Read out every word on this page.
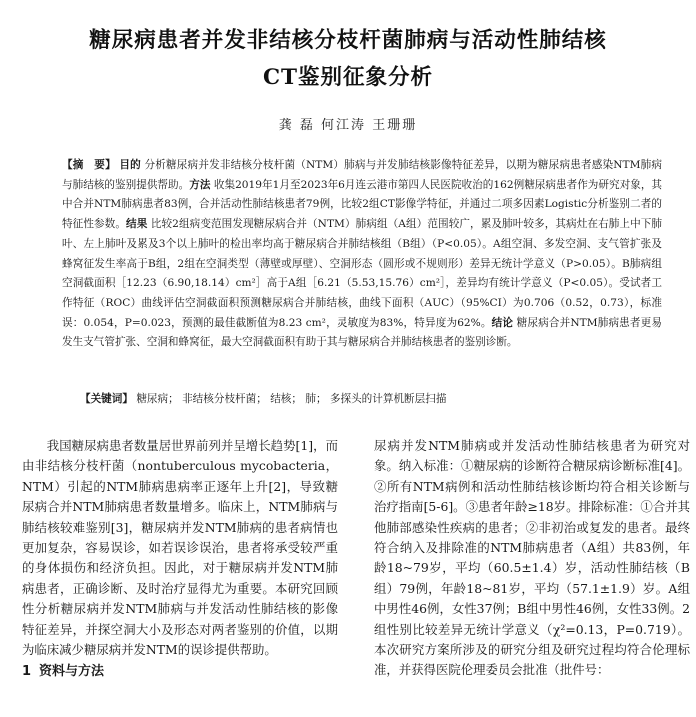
糖尿病患者并发非结核分枝杆菌肺病与活动性肺结核
CT鉴别征象分析
龚 磊 何江涛 王珊珊

【摘　要】 目的 分析糖尿病并发非结核分枝杆菌（NTM）肺病与并发肺结核影像特征差异，以期为糖尿病患者感染NTM肺病与肺结核的鉴别提供帮助。方法 收集2019年1月至2023年6月连云港市第四人民医院收治的162例糖尿病患者作为研究对象，其中合并NTM肺病患者83例，合并活动性肺结核患者79例，比较2组CT影像学特征，并通过二项多因素Logistic分析鉴别二者的特征性参数。结果 比较2组病变范围发现糖尿病合并（NTM）肺病组（A组）范围较广，累及肺叶较多，其病灶在右肺上中下肺叶、左上肺叶及累及3个以上肺叶的检出率均高于糖尿病合并肺结核组（B组）（P<0.05）。A组空洞、多发空洞、支气管扩张及蜂窝征发生率高于B组，2组在空洞类型（薄壁或厚壁）、空洞形态（圆形或不规则形）差异无统计学意义（P>0.05）。B肺病组空洞截面积［12.23（6.90,18.14）cm²］高于A组［6.21（5.53,15.76）cm²］，差异均有统计学意义（P<0.05）。受试者工作特征（ROC）曲线评估空洞截面积预测糖尿病合并肺结核，曲线下面积（AUC）（95%CI）为0.706（0.52，0.73），标准误：0.054，P=0.023，预测的最佳截断值为8.23 cm²，灵敏度为83%，特异度为62%。结论 糖尿病合并NTM肺病患者更易发生支气管扩张、空洞和蜂窝征，最大空洞截面积有助于其与糖尿病合并肺结核患者的鉴别诊断。

【关键词】 糖尿病； 非结核分枝杆菌； 结核； 肺； 多探头的计算机断层扫描

我国糖尿病患者数量居世界前列并呈增长趋势[1]，而由非结核分枝杆菌（nontuberculous mycobacteria，NTM）引起的NTM肺病患病率正逐年上升[2]，导致糖尿病合并NTM肺病患者数量增多。临床上，NTM肺病与肺结核较难鉴别[3]，糖尿病并发NTM肺病的患者病情也更加复杂，容易误诊，如若误诊误治，患者将承受较严重的身体损伤和经济负担。因此，对于糖尿病并发NTM肺病患者，正确诊断、及时治疗显得尤为重要。本研究回顾性分析糖尿病并发NTM肺病与并发活动性肺结核的影像特征差异，并探空洞大小及形态对两者鉴别的价值，以期为临床减少糖尿病并发NTM的误诊提供帮助。

1 资料与方法

尿病并发NTM肺病或并发活动性肺结核患者为研究对象。纳入标准：①糖尿病的诊断符合糖尿病诊断标准[4]。②所有NTM病例和活动性肺结核诊断均符合相关诊断与治疗指南[5-6]。③患者年龄≥18岁。排除标准：①合并其他肺部感染性疾病的患者；②非初治或复发的患者。最终符合纳入及排除准的NTM肺病患者（A组）共83例，年龄18~79岁，平均（60.5±1.4）岁，活动性肺结核（B组）79例，年龄18~81岁，平均（57.1±1.9）岁。A组中男性46例，女性37例；B组中男性46例，女性33例。2组性别比较差异无统计学意义（χ²=0.13，P=0.719）。本次研究方案所涉及的研究分组及研究过程均符合伦理标准，并获得医院伦理委员会批准（批件号：
